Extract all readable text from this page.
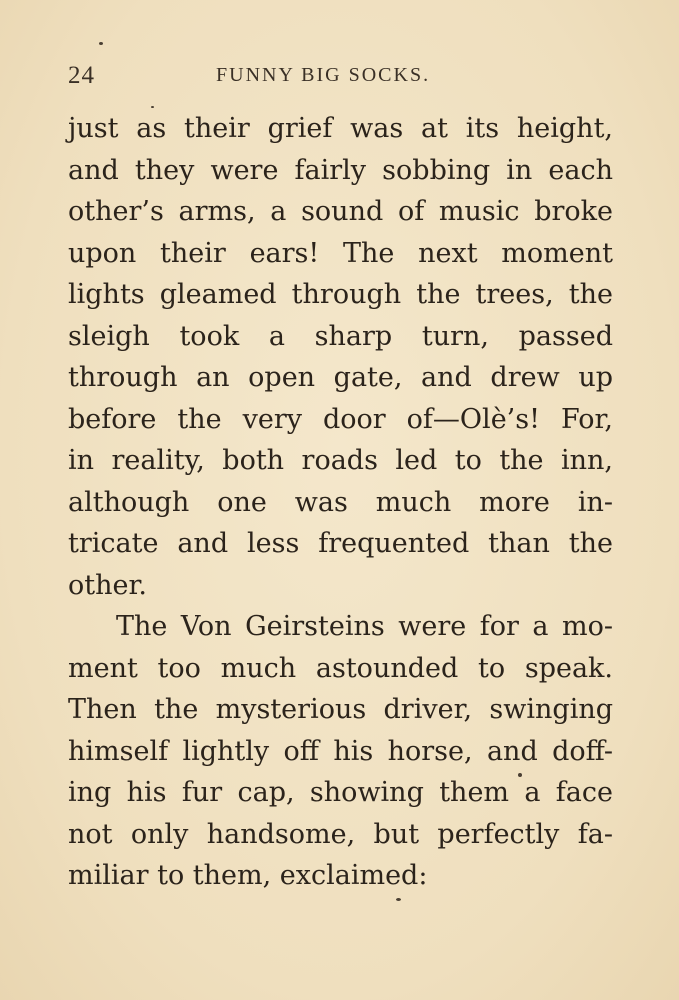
24	FUNNY BIG SOCKS.
just as their grief was at its height,
and they were fairly sobbing in each
other’s arms, a sound of music broke
upon their ears! The next moment
lights gleamed through the trees, the
sleigh took a sharp turn, passed
through an open gate, and drew up
before the very door of—Olè’s! For,
in reality, both roads led to the inn,
although one was much more in-
tricate and less frequented than the
other.
The Von Geirsteins were for a mo-
ment too much astounded to speak.
Then the mysterious driver, swinging
himself lightly off his horse, and doff-
ing his fur cap, showing them a face
not only handsome, but perfectly fa-
miliar to them, exclaimed:
